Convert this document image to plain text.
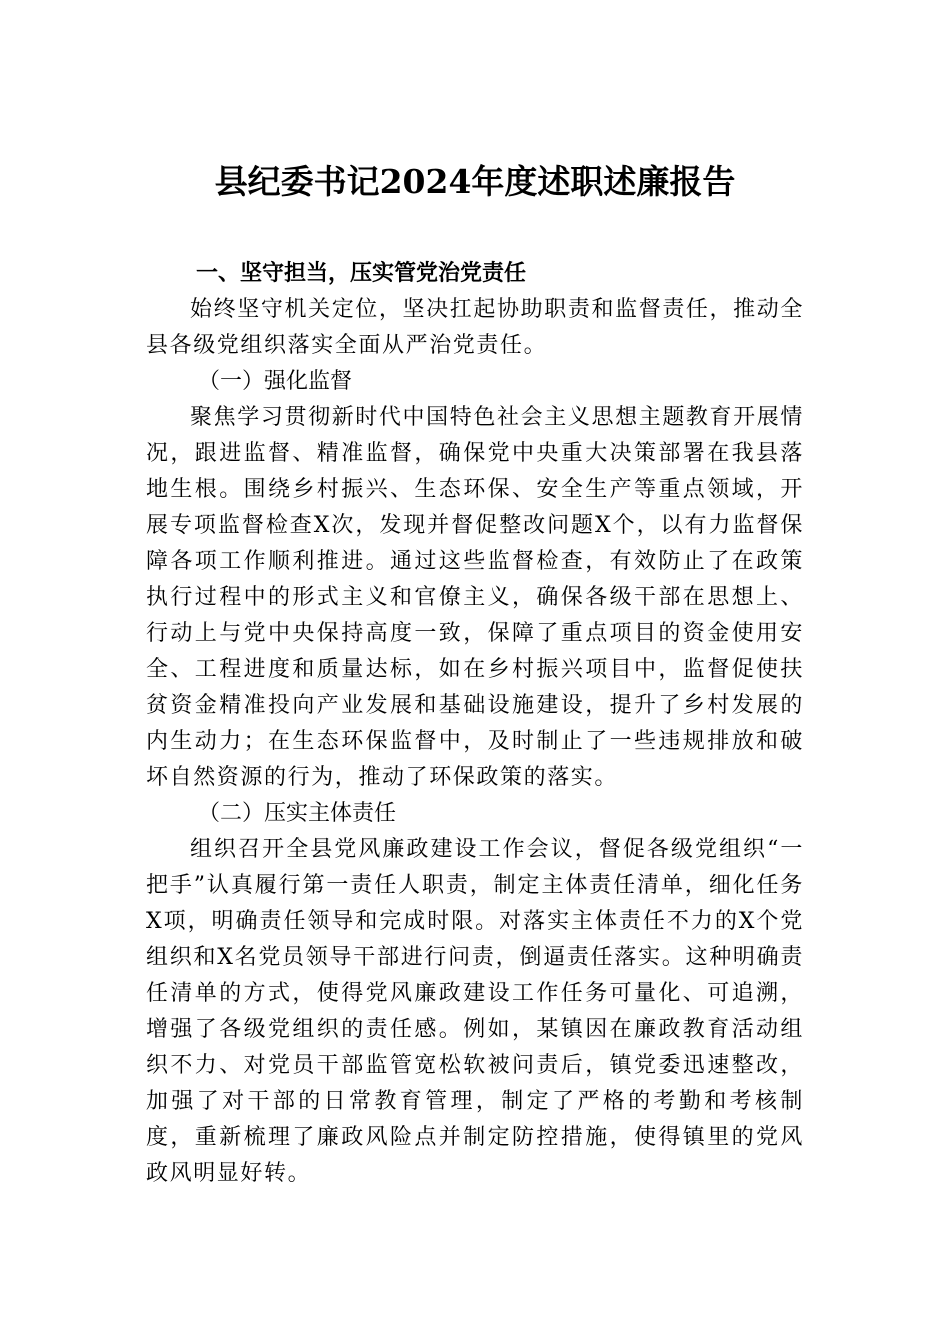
县纪委书记2024年度述职述廉报告
一、坚守担当，压实管党治党责任

始终坚守机关定位，坚决扛起协助职责和监督责任，推动全县各级党组织落实全面从严治党责任。

（一）强化监督

聚焦学习贯彻新时代中国特色社会主义思想主题教育开展情况，跟进监督、精准监督，确保党中央重大决策部署在我县落地生根。围绕乡村振兴、生态环保、安全生产等重点领域，开展专项监督检查X次，发现并督促整改问题X个，以有力监督保障各项工作顺利推进。通过这些监督检查，有效防止了在政策执行过程中的形式主义和官僚主义，确保各级干部在思想上、行动上与党中央保持高度一致，保障了重点项目的资金使用安全、工程进度和质量达标，如在乡村振兴项目中，监督促使扶贫资金精准投向产业发展和基础设施建设，提升了乡村发展的内生动力；在生态环保监督中，及时制止了一些违规排放和破坏自然资源的行为，推动了环保政策的落实。

（二）压实主体责任

组织召开全县党风廉政建设工作会议，督促各级党组织“一把手”认真履行第一责任人职责，制定主体责任清单，细化任务X项，明确责任领导和完成时限。对落实主体责任不力的X个党组织和X名党员领导干部进行问责，倒逼责任落实。这种明确责任清单的方式，使得党风廉政建设工作任务可量化、可追溯，增强了各级党组织的责任感。例如，某镇因在廉政教育活动组织不力、对党员干部监管宽松软被问责后，镇党委迅速整改，加强了对干部的日常教育管理，制定了严格的考勤和考核制度，重新梳理了廉政风险点并制定防控措施，使得镇里的党风政风明显好转。
